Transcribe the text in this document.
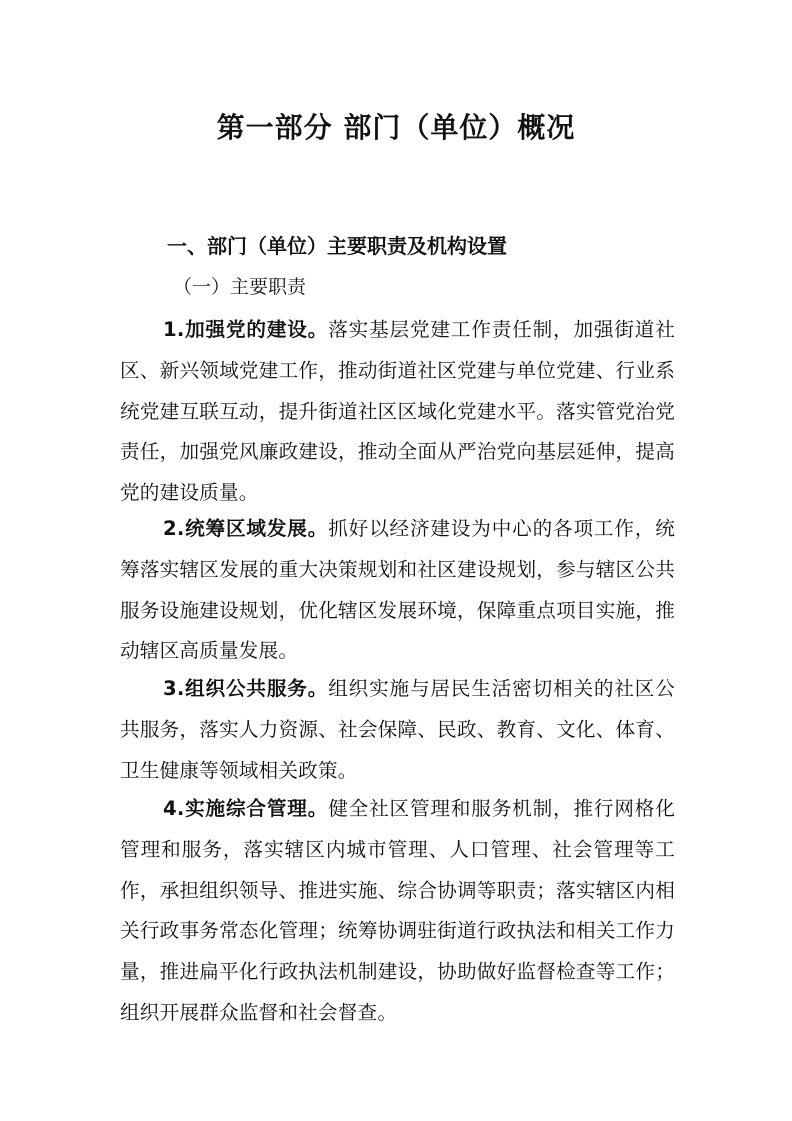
第一部分 部门（单位）概况
一、部门（单位）主要职责及机构设置
（一）主要职责

1.加强党的建设。落实基层党建工作责任制，加强街道社区、新兴领域党建工作，推动街道社区党建与单位党建、行业系统党建互联互动，提升街道社区区域化党建水平。落实管党治党责任，加强党风廉政建设，推动全面从严治党向基层延伸，提高党的建设质量。

2.统筹区域发展。抓好以经济建设为中心的各项工作，统筹落实辖区发展的重大决策规划和社区建设规划，参与辖区公共服务设施建设规划，优化辖区发展环境，保障重点项目实施，推动辖区高质量发展。

3.组织公共服务。组织实施与居民生活密切相关的社区公共服务，落实人力资源、社会保障、民政、教育、文化、体育、卫生健康等领域相关政策。

4.实施综合管理。健全社区管理和服务机制，推行网格化管理和服务，落实辖区内城市管理、人口管理、社会管理等工作，承担组织领导、推进实施、综合协调等职责；落实辖区内相关行政事务常态化管理；统筹协调驻街道行政执法和相关工作力量，推进扁平化行政执法机制建设，协助做好监督检查等工作；组织开展群众监督和社会督查。
